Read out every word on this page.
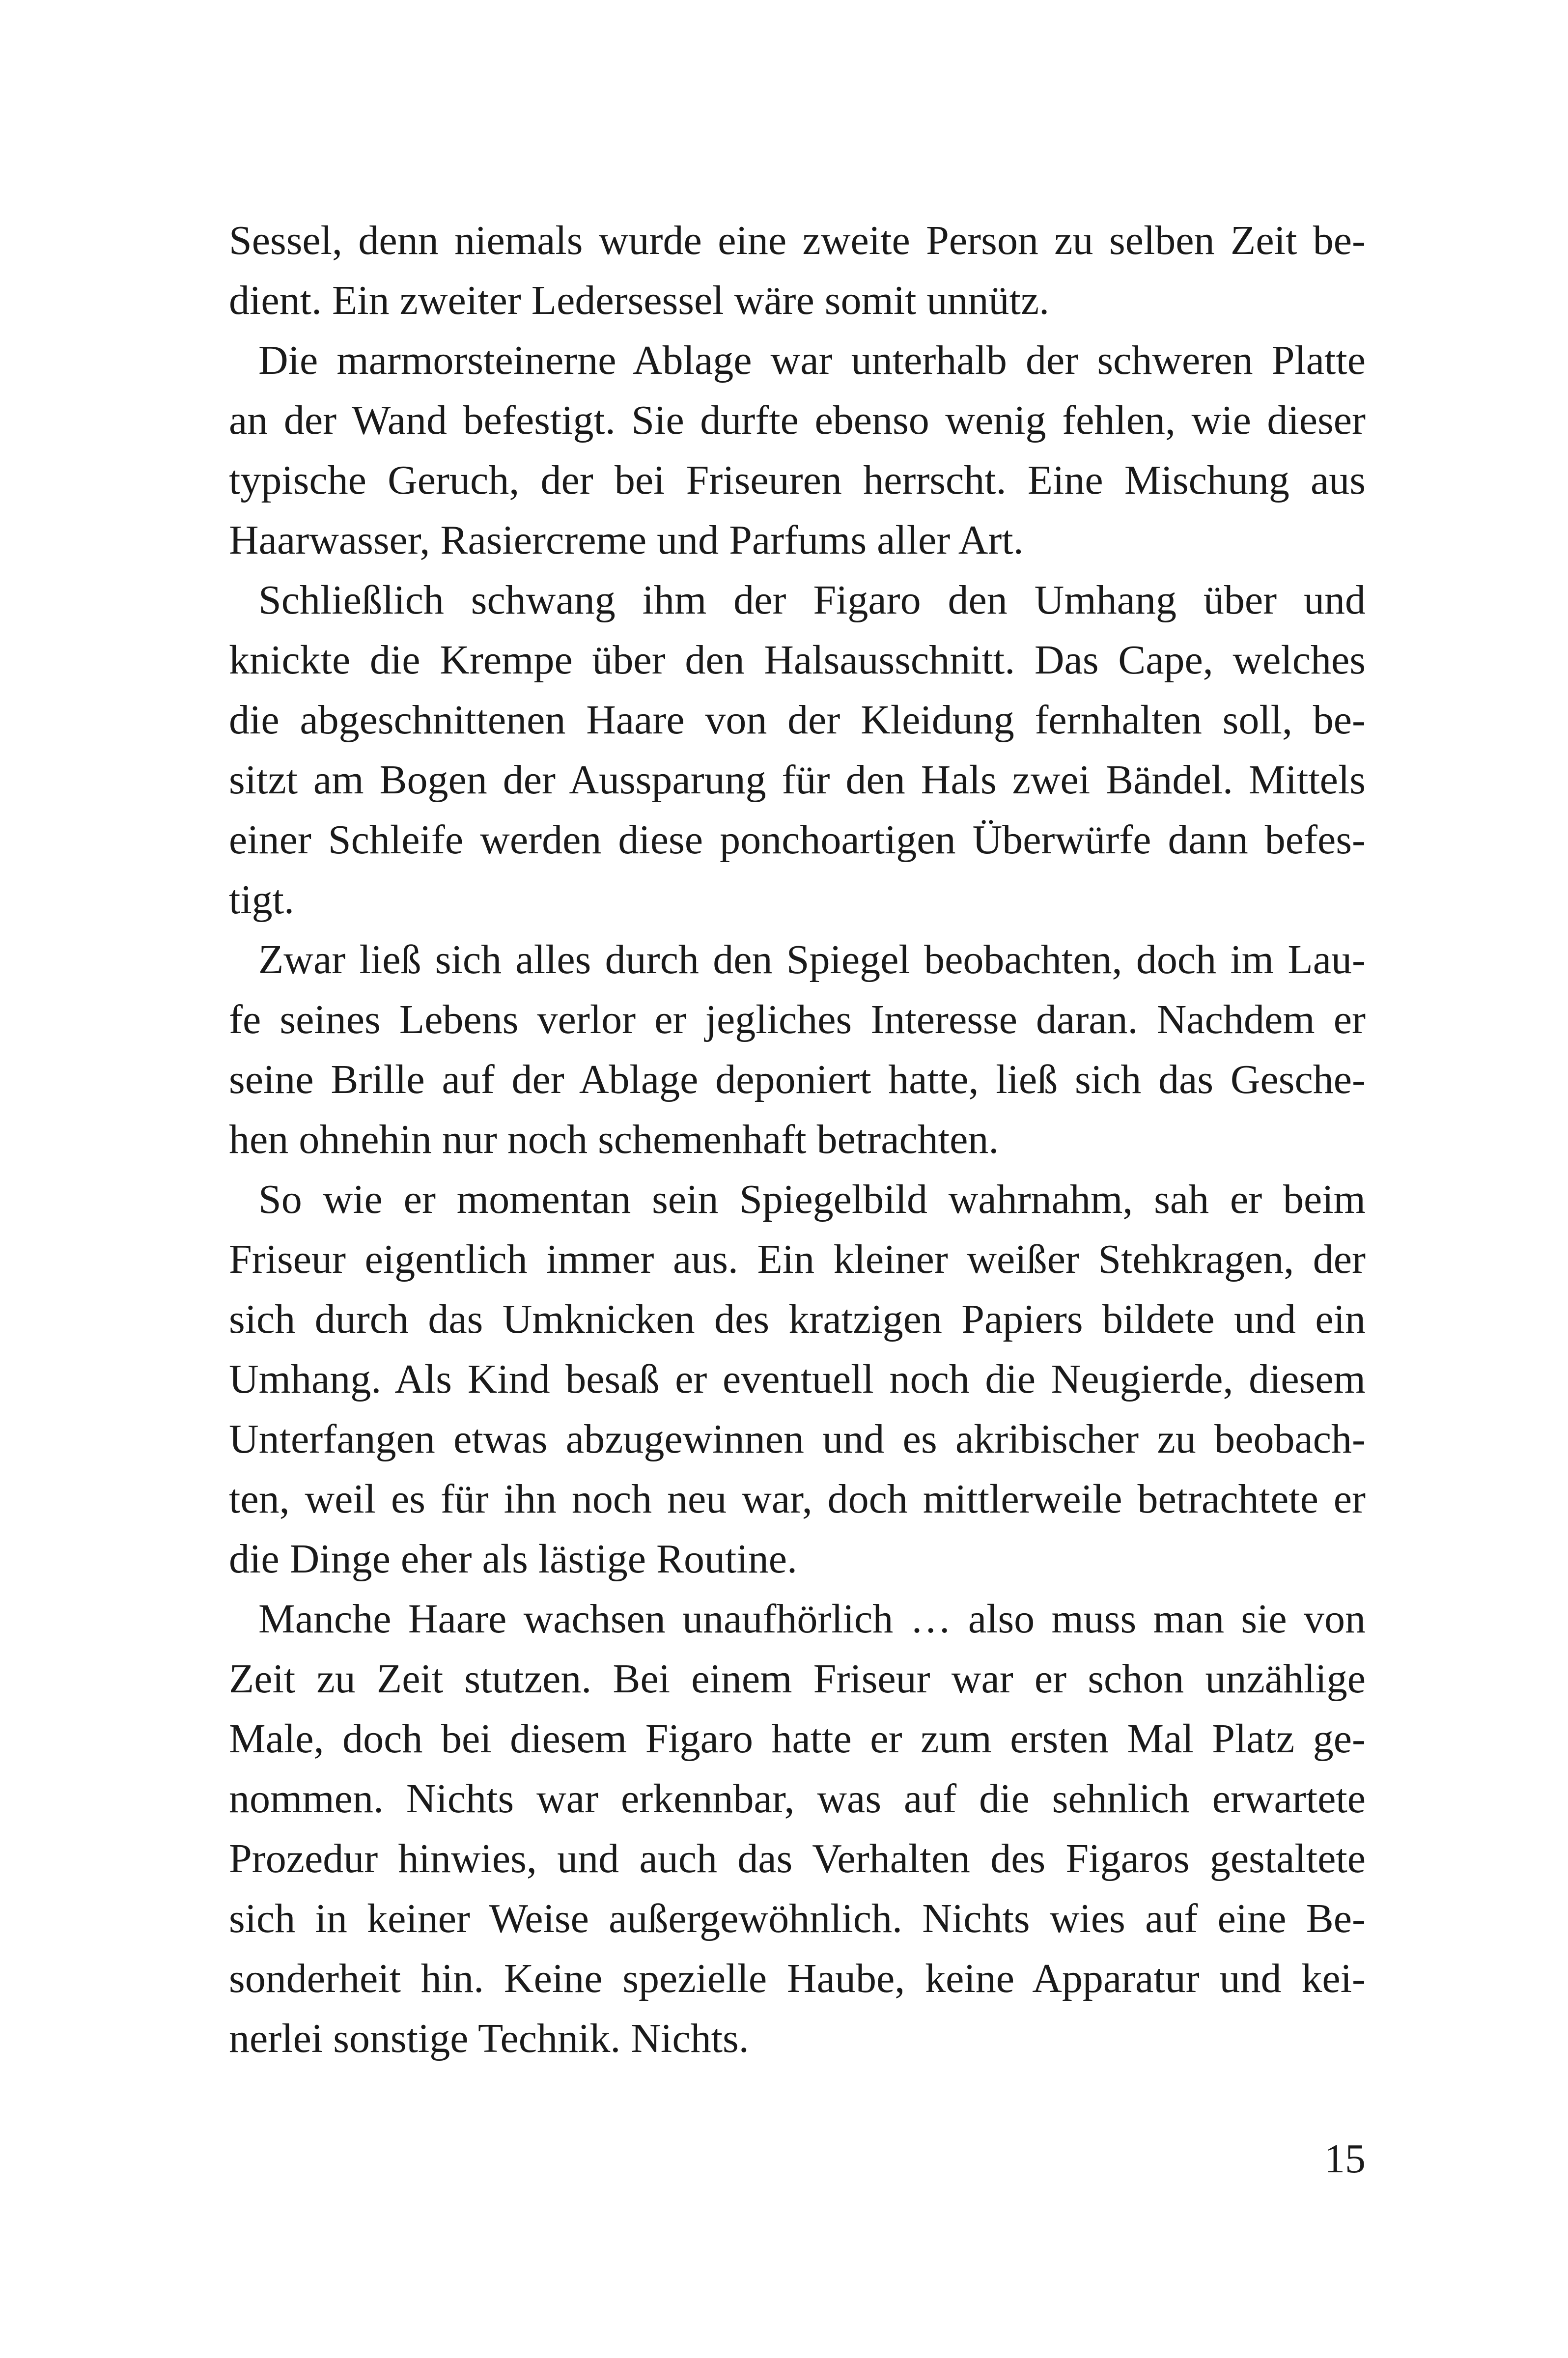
Sessel, denn niemals wurde eine zweite Person zu selben Zeit be-
dient. Ein zweiter Ledersessel wäre somit unnütz.
Die marmorsteinerne Ablage war unterhalb der schweren Platte
an der Wand befestigt. Sie durfte ebenso wenig fehlen, wie dieser
typische Geruch, der bei Friseuren herrscht. Eine Mischung aus
Haarwasser, Rasiercreme und Parfums aller Art.
Schließlich schwang ihm der Figaro den Umhang über und
knickte die Krempe über den Halsausschnitt. Das Cape, welches
die abgeschnittenen Haare von der Kleidung fernhalten soll, be-
sitzt am Bogen der Aussparung für den Hals zwei Bändel. Mittels
einer Schleife werden diese ponchoartigen Überwürfe dann befes-
tigt.
Zwar ließ sich alles durch den Spiegel beobachten, doch im Lau-
fe seines Lebens verlor er jegliches Interesse daran. Nachdem er
seine Brille auf der Ablage deponiert hatte, ließ sich das Gesche-
hen ohnehin nur noch schemenhaft betrachten.
So wie er momentan sein Spiegelbild wahrnahm, sah er beim
Friseur eigentlich immer aus. Ein kleiner weißer Stehkragen, der
sich durch das Umknicken des kratzigen Papiers bildete und ein
Umhang. Als Kind besaß er eventuell noch die Neugierde, diesem
Unterfangen etwas abzugewinnen und es akribischer zu beobach-
ten, weil es für ihn noch neu war, doch mittlerweile betrachtete er
die Dinge eher als lästige Routine.
Manche Haare wachsen unaufhörlich … also muss man sie von
Zeit zu Zeit stutzen. Bei einem Friseur war er schon unzählige
Male, doch bei diesem Figaro hatte er zum ersten Mal Platz ge-
nommen. Nichts war erkennbar, was auf die sehnlich erwartete
Prozedur hinwies, und auch das Verhalten des Figaros gestaltete
sich in keiner Weise außergewöhnlich. Nichts wies auf eine Be-
sonderheit hin. Keine spezielle Haube, keine Apparatur und kei-
nerlei sonstige Technik. Nichts.
15
